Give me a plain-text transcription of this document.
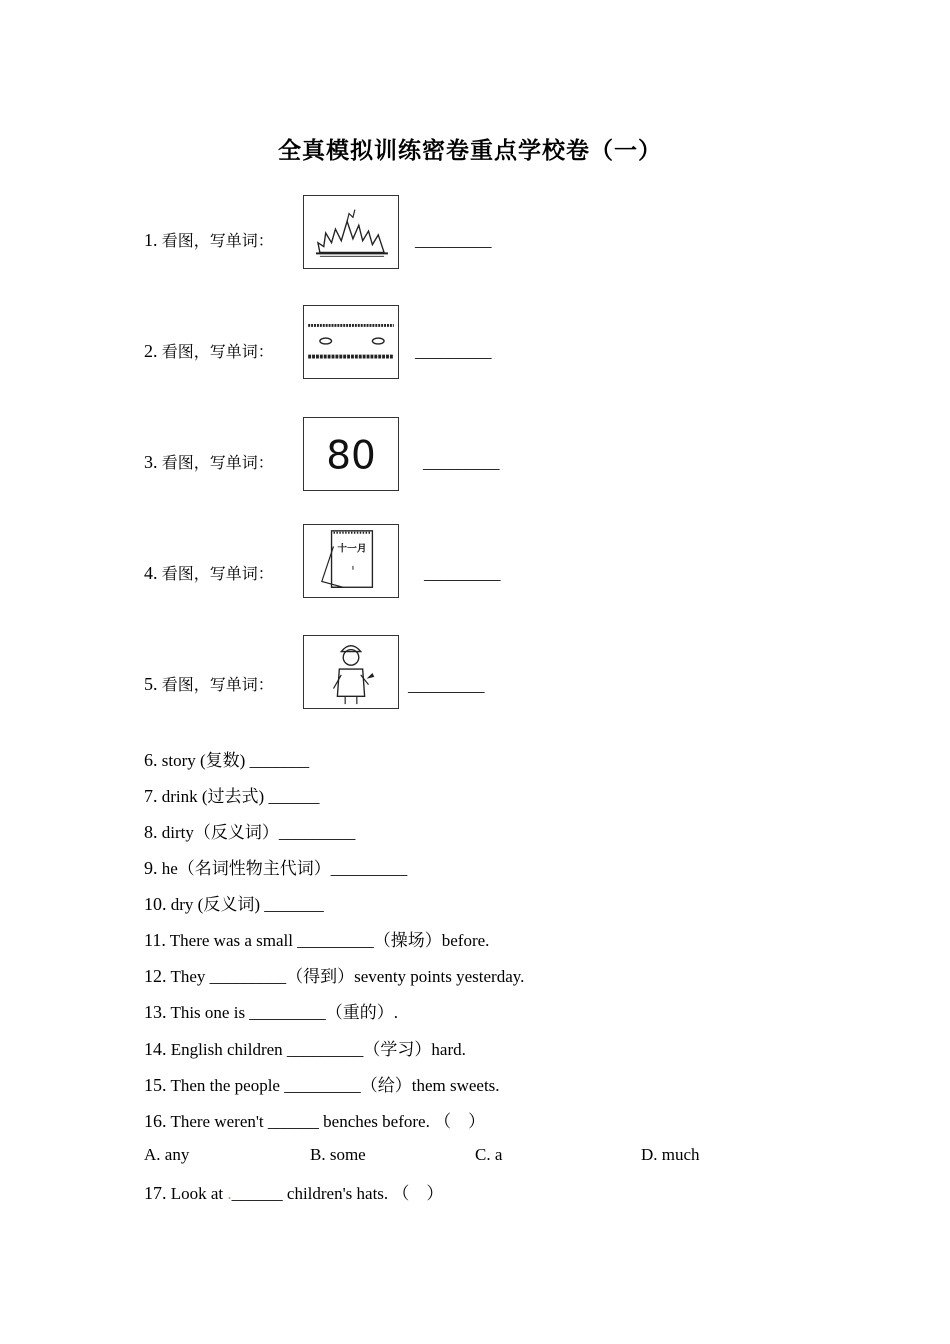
全真模拟训练密卷重点学校卷（一）
1. 看图，写单词：	_________
2. 看图，写单词：	_________
3. 看图，写单词： 80	_________
4. 看图，写单词：
十一月
_________
5. 看图，写单词：	_________
6. story (复数) _______
7. drink (过去式) ______
8. dirty（反义词）_________
9. he（名词性物主代词）_________
10. dry (反义词) _______
11. There was a small _________（操场）before.
12. They _________（得到）seventy points yesterday.
13. This one is _________（重的）.
14. English children _________（学习）hard.
15. Then the people _________（给）them sweets.
16. There weren't ______ benches before. （　）
A. any	B. some	C. a	D. much
17. Look at .______ children's hats. （　）
